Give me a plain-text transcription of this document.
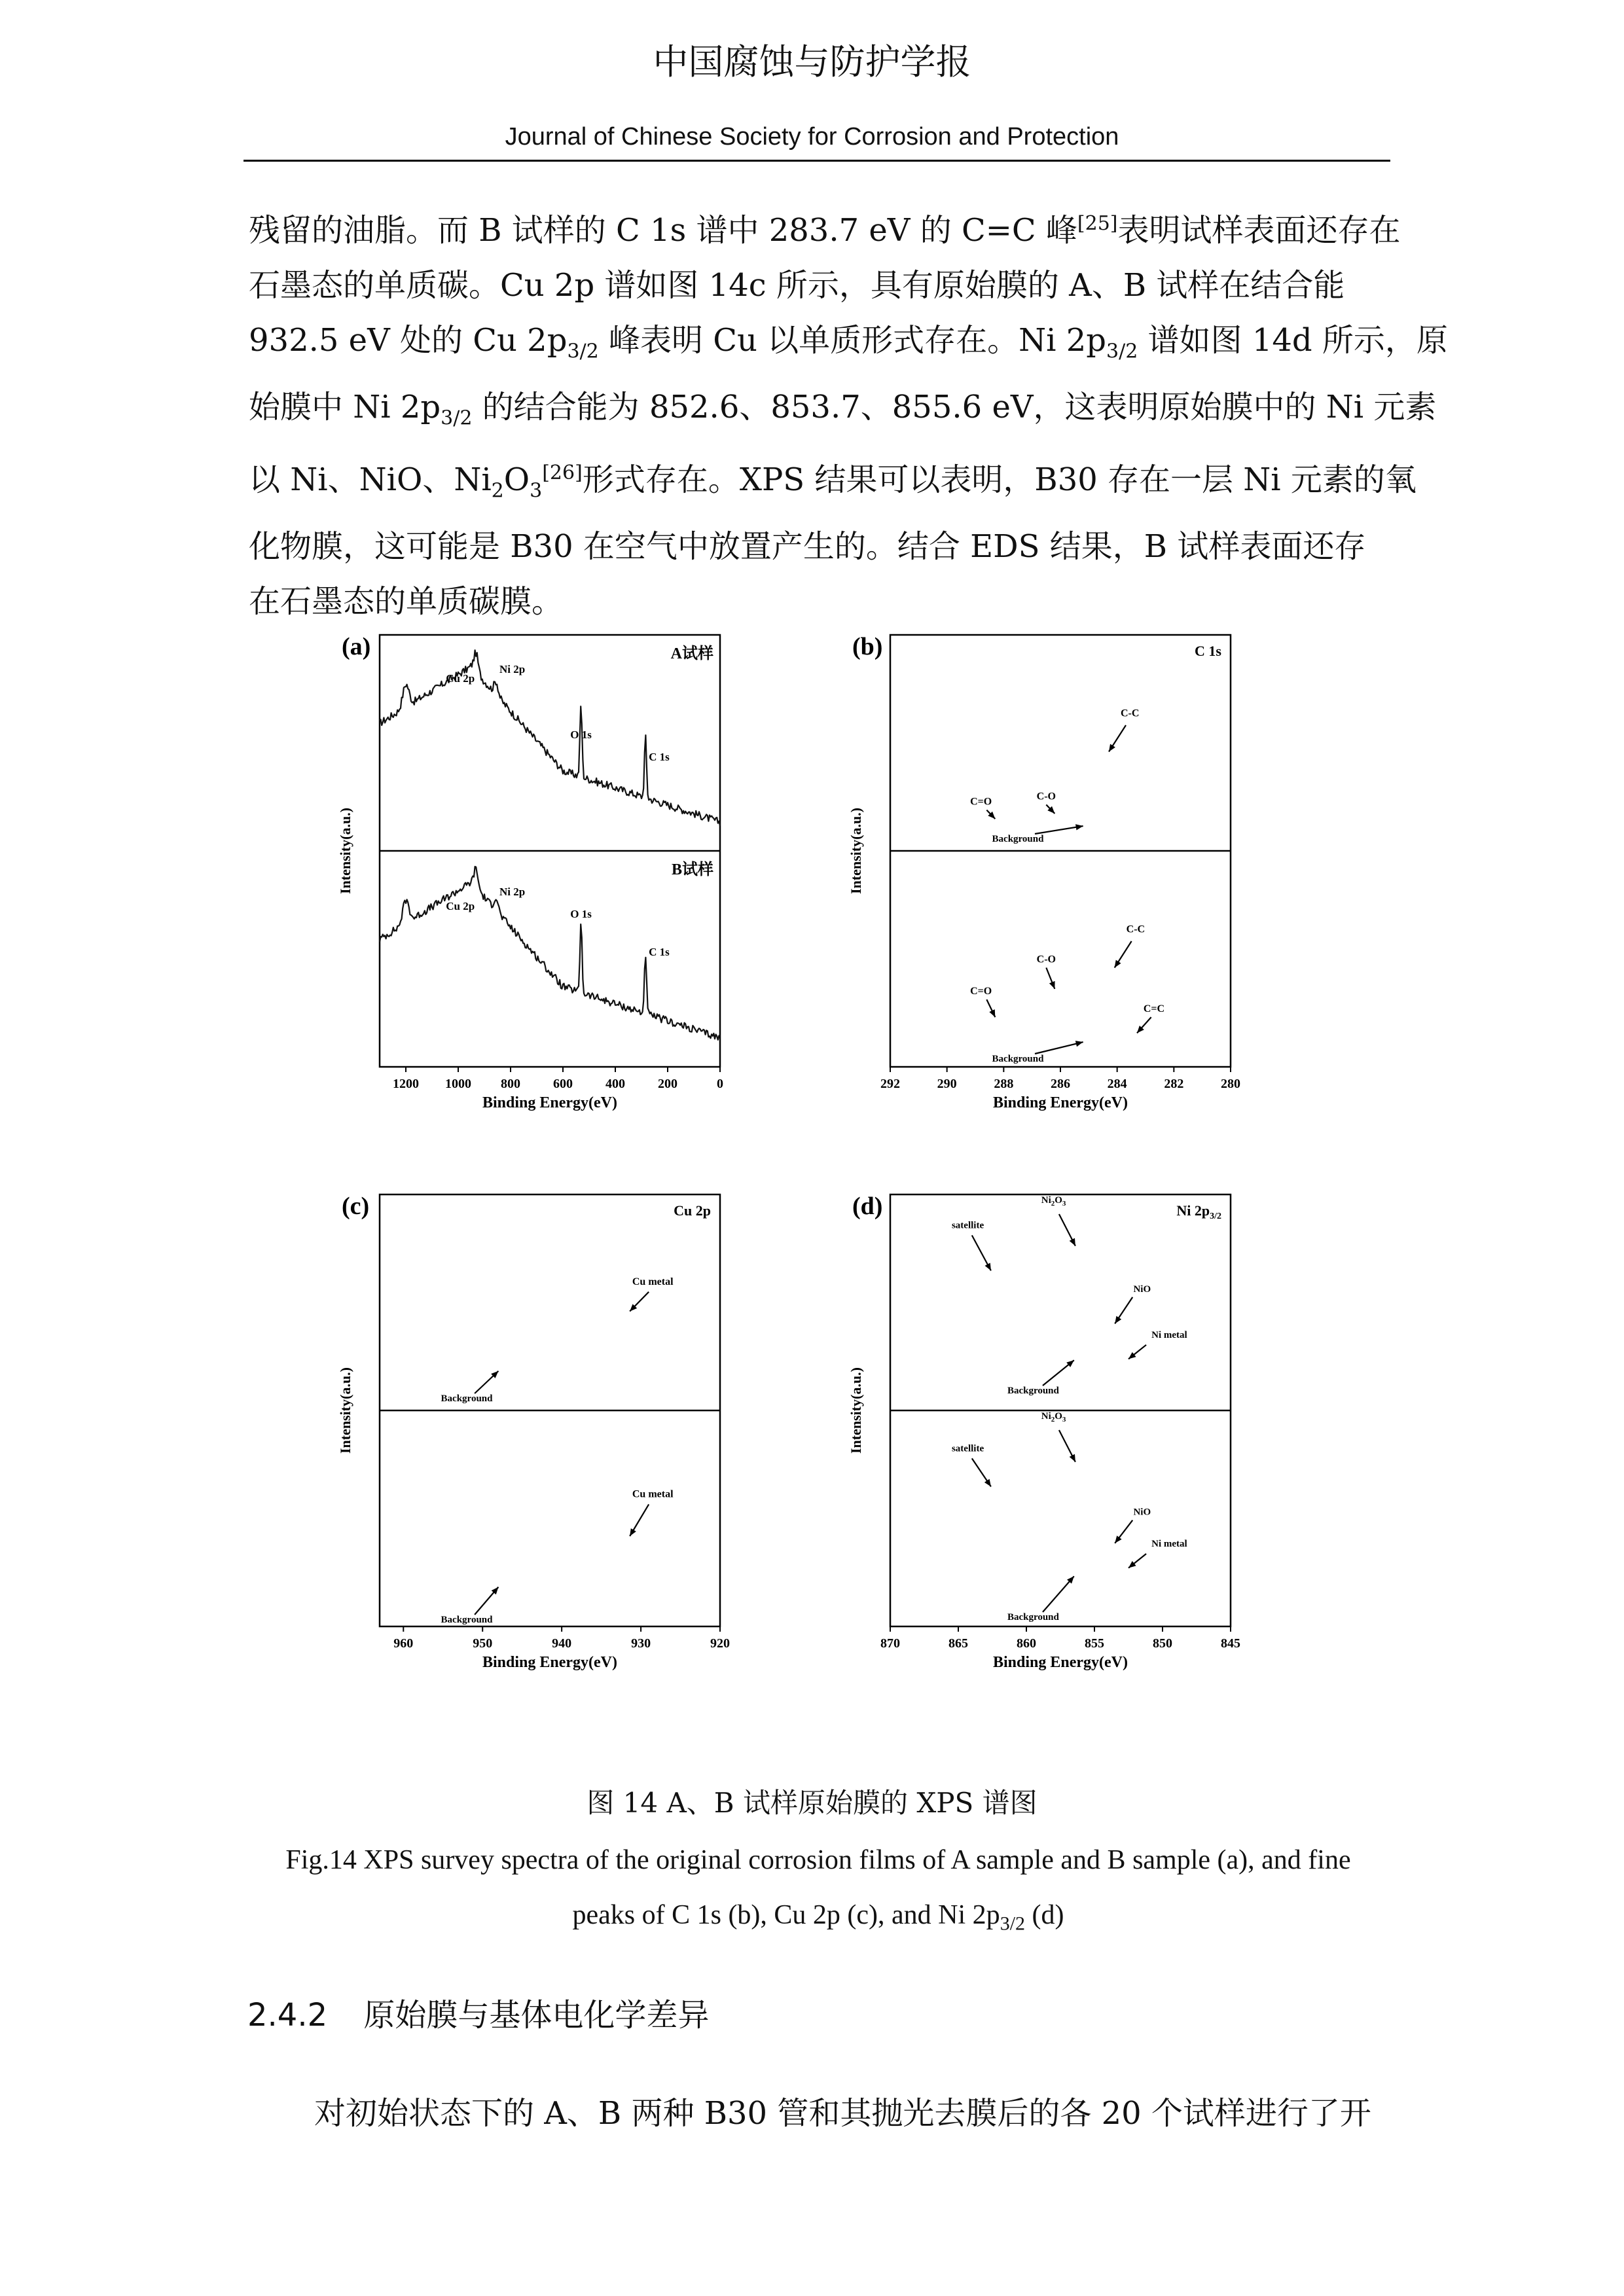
中国腐蚀与防护学报
Journal of Chinese Society for Corrosion and Protection
残留的油脂。而 B 试样的 C 1s 谱中 283.7 eV 的 C=C 峰[25]表明试样表面还存在
石墨态的单质碳。Cu 2p 谱如图 14c 所示，具有原始膜的 A、B 试样在结合能
932.5 eV 处的 Cu $2p_{3/2}$ 峰表明 Cu 以单质形式存在。Ni $2p_{3/2}$ 谱如图 14d 所示，原
始膜中 Ni $2p_{3/2}$ 的结合能为 852.6、853.7、855.6 eV，这表明原始膜中的 Ni 元素
以 Ni、NiO、$Ni_2O_3[26]$形式存在。XPS 结果可以表明，B30 存在一层 Ni 元素的氧
化物膜，这可能是 B30 在空气中放置产生的。结合 EDS 结果，B 试样表面还存
在石墨态的单质碳膜。
(a)
Intensity(a.u.)
1200 1000 800	600	400	200	0
Binding Energy(eV)
A试样
Cu 2p
Ni 2p
O 1s
C 1s
B试样
Cu 2p
Ni 2p
O 1s
C 1s
(b)
Intensity(a.u.)
292	290	288	286	284	282	280
Binding Energy(eV)
C 1s
C-C
C-O
C=O
Background
C-C
C-O
C=O
Background
C=C
(c)
Intensity(a.u.)
960	950	940	930	920
Binding Energy(eV)
Cu 2p
Cu metal
Background
Cu metal
Background
(d)
Intensity(a.u.)
870	865	860	855	850	845
Binding Energy(eV)
Ni $2p_{3/2}$
$Ni_2O_3$
satellite
NiO
Ni metal
Background
$Ni_2O_3$
satellite
NiO
Ni metal
Background
图 14 A、B 试样原始膜的 XPS 谱图
Fig.14 XPS survey spectra of the original corrosion films of A sample and B sample (a), and fine
peaks of C 1s (b), Cu 2p (c), and Ni $2p_{3/2}$ (d)
2.4.2 原始膜与基体电化学差异
对初始状态下的 A、B 两种 B30 管和其抛光去膜后的各 20 个试样进行了开
